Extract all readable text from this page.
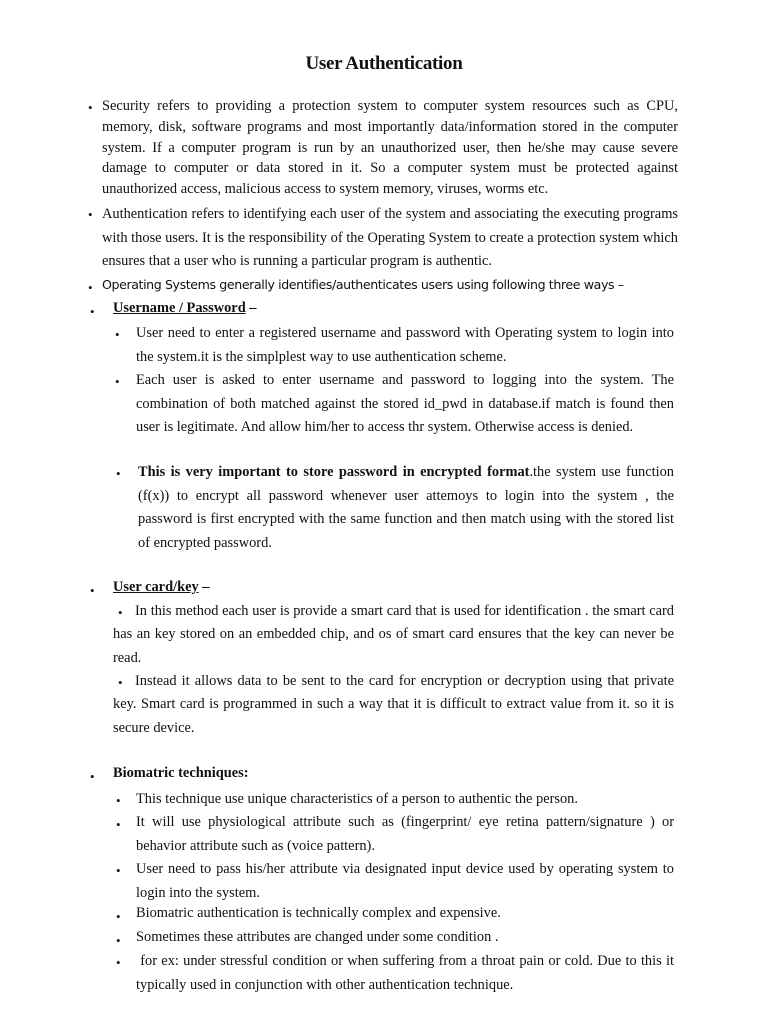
User Authentication
• Security refers to providing a protection system to computer system resources such as CPU, memory, disk, software programs and most importantly data/information stored in the computer system. If a computer program is run by an unauthorized user, then he/she may cause severe damage to computer or data stored in it. So a computer system must be protected against unauthorized access, malicious access to system memory, viruses, worms etc.
• Authentication refers to identifying each user of the system and associating the executing programs with those users. It is the responsibility of the Operating System to create a protection system which ensures that a user who is running a particular program is authentic.
• Operating Systems generally identifies/authenticates users using following three ways –
• Username / Password –
• User need to enter a registered username and password with Operating system to login into the system.it is the simplplest way to use authentication scheme.
• Each user is asked to enter username and password to logging into the system. The combination of both matched against the stored id_pwd in database.if match is found then user is legitimate. And allow him/her to access thr system. Otherwise access is denied.
• This is very important to store password in encrypted format.the system use function (f(x)) to encrypt all password whenever user attemoys to login into the system , the password is first encrypted with the same function and then match using with the stored list of encrypted password.
• User card/key –
• In this method each user is provide a smart card that is used for identification . the smart card has an key stored on an embedded chip, and os of smart card ensures that the key can never be read.
• Instead it allows data to be sent to the card for encryption or decryption using that private key. Smart card is programmed in such a way that it is difficult to extract value from it. so it is secure device.
• Biomatric techniques:
• This technique use unique characteristics of a person to authentic the person.
• It will use physiological attribute such as (fingerprint/ eye retina pattern/signature ) or behavior attribute such as (voice pattern).
• User need to pass his/her attribute via designated input device used by operating system to login into the system.
• Biomatric authentication is technically complex and expensive.
• Sometimes these attributes are changed under some condition .
• for ex: under stressful condition or when suffering from a throat pain or cold. Due to this it typically used in conjunction with other authentication technique.
